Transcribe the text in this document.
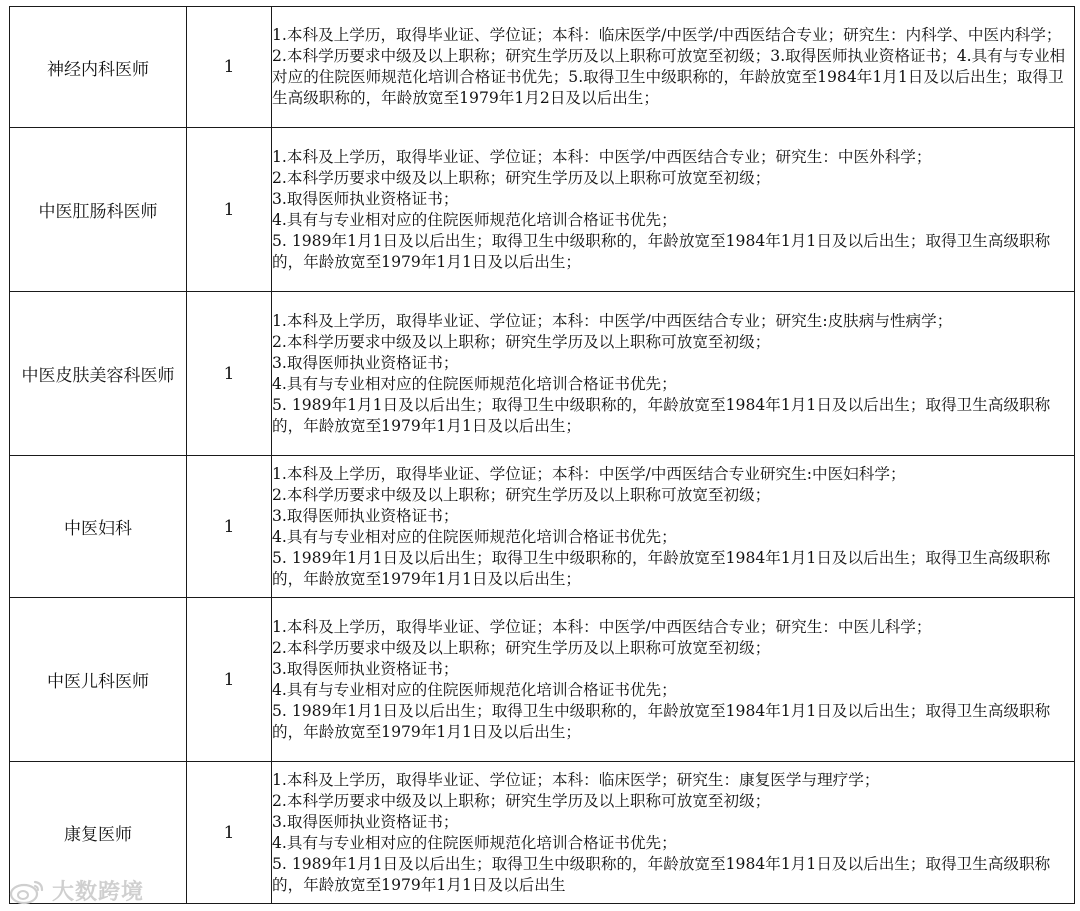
神经内科医师	1	1.本科及上学历，取得毕业证、学位证；本科：临床医学/中医学/中西医结合专业；研究生：内科学、中医内科学；2.本科学历要求中级及以上职称；研究生学历及以上职称可放宽至初级；3.取得医师执业资格证书；4.具有与专业相对应的住院医师规范化培训合格证书优先；5.取得卫生中级职称的，年龄放宽至1984年1月1日及以后出生；取得卫生高级职称的，年龄放宽至1979年1月2日及以后出生；

中医肛肠科医师	1	1.本科及上学历，取得毕业证、学位证；本科：中医学/中西医结合专业；研究生：中医外科学；
2.本科学历要求中级及以上职称；研究生学历及以上职称可放宽至初级；
3.取得医师执业资格证书；
4.具有与专业相对应的住院医师规范化培训合格证书优先；
5. 1989年1月1日及以后出生；取得卫生中级职称的，年龄放宽至1984年1月1日及以后出生；取得卫生高级职称的，年龄放宽至1979年1月1日及以后出生；

中医皮肤美容科医师	1	1.本科及上学历，取得毕业证、学位证；本科：中医学/中西医结合专业；研究生:皮肤病与性病学；
2.本科学历要求中级及以上职称；研究生学历及以上职称可放宽至初级；
3.取得医师执业资格证书；
4.具有与专业相对应的住院医师规范化培训合格证书优先；
5. 1989年1月1日及以后出生；取得卫生中级职称的，年龄放宽至1984年1月1日及以后出生；取得卫生高级职称的，年龄放宽至1979年1月1日及以后出生；

中医妇科	1	1.本科及上学历，取得毕业证、学位证；本科：中医学/中西医结合专业研究生:中医妇科学；
2.本科学历要求中级及以上职称；研究生学历及以上职称可放宽至初级；
3.取得医师执业资格证书；
4.具有与专业相对应的住院医师规范化培训合格证书优先；
5. 1989年1月1日及以后出生；取得卫生中级职称的，年龄放宽至1984年1月1日及以后出生；取得卫生高级职称的，年龄放宽至1979年1月1日及以后出生；

中医儿科医师	1	1.本科及上学历，取得毕业证、学位证；本科：中医学/中西医结合专业；研究生：中医儿科学；
2.本科学历要求中级及以上职称；研究生学历及以上职称可放宽至初级；
3.取得医师执业资格证书；
4.具有与专业相对应的住院医师规范化培训合格证书优先；
5. 1989年1月1日及以后出生；取得卫生中级职称的，年龄放宽至1984年1月1日及以后出生；取得卫生高级职称的，年龄放宽至1979年1月1日及以后出生；

康复医师	1	1.本科及上学历，取得毕业证、学位证；本科：临床医学；研究生：康复医学与理疗学；
2.本科学历要求中级及以上职称；研究生学历及以上职称可放宽至初级；
3.取得医师执业资格证书；
4.具有与专业相对应的住院医师规范化培训合格证书优先；
5. 1989年1月1日及以后出生；取得卫生中级职称的，年龄放宽至1984年1月1日及以后出生；取得卫生高级职称的，年龄放宽至1979年1月1日及以后出生
大数跨境
